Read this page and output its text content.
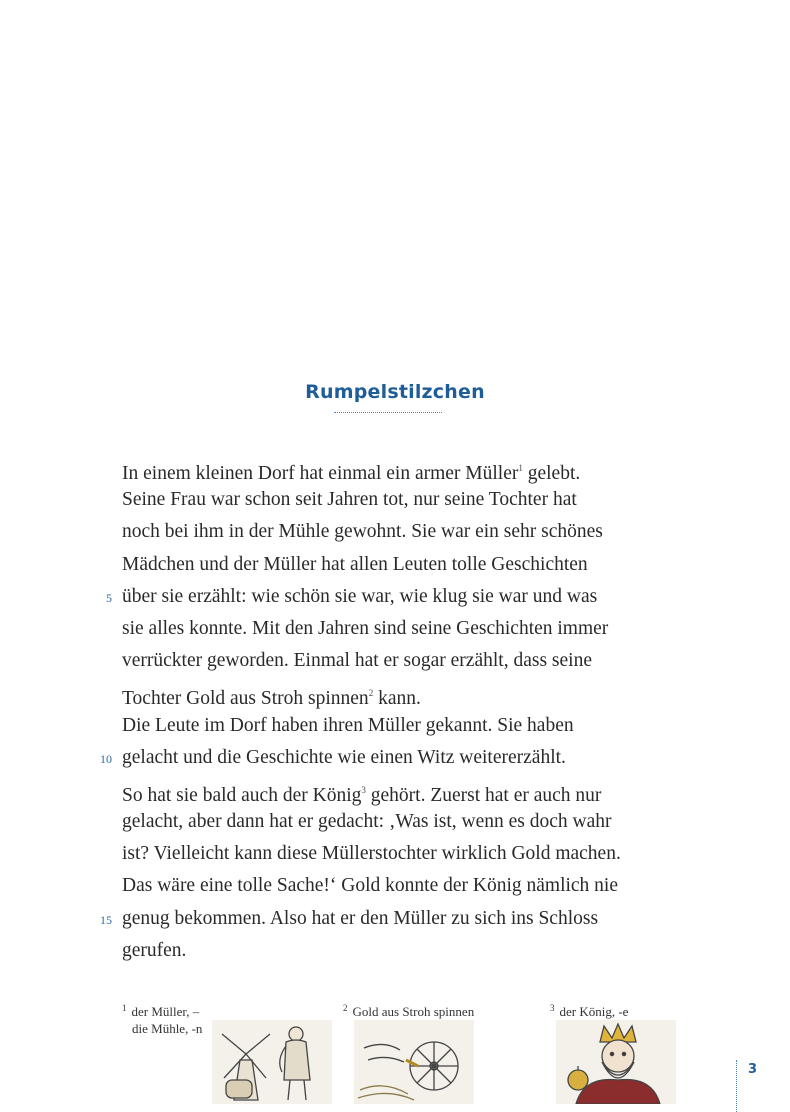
Rumpelstilzchen
In einem kleinen Dorf hat einmal ein armer Müller$^1$ gelebt.
Seine Frau war schon seit Jahren tot, nur seine Tochter hat
noch bei ihm in der Mühle gewohnt. Sie war ein sehr schönes
Mädchen und der Müller hat allen Leuten tolle Geschichten
über sie erzählt: wie schön sie war, wie klug sie war und was
sie alles konnte. Mit den Jahren sind seine Geschichten immer
verrückter geworden. Einmal hat er sogar erzählt, dass seine
Tochter Gold aus Stroh spinnen$^2$ kann.
Die Leute im Dorf haben ihren Müller gekannt. Sie haben
gelacht und die Geschichte wie einen Witz weitererzählt.
So hat sie bald auch der König$^3$ gehört. Zuerst hat er auch nur
gelacht, aber dann hat er gedacht: ‚Was ist, wenn es doch wahr
ist? Vielleicht kann diese Müllerstochter wirklich Gold machen.
Das wäre eine tolle Sache!‘ Gold konnte der König nämlich nie
genug bekommen. Also hat er den Müller zu sich ins Schloss
gerufen.
5
10
15
$^1$ der Müller, –
die Mühle, -n
$^2$ Gold aus Stroh spinnen	$^3$ der König, -e
3
